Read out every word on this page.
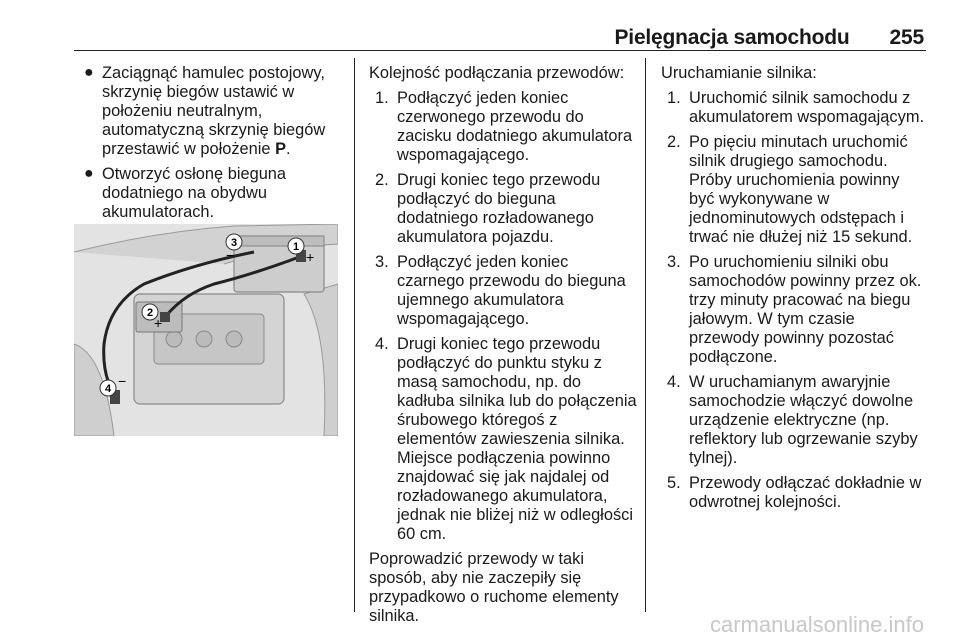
Pielęgnacja samochodu 255
● Zaciągnąć hamulec postojowy, skrzynię biegów ustawić w położeniu neutralnym, automatyczną skrzynię biegów przestawić w położenie P.
● Otworzyć osłonę bieguna dodatniego na obydwu akumulatorach.
1
+
2
+
3
−
4 −

Kolejność podłączania przewodów:

1. Podłączyć jeden koniec czerwonego przewodu do zacisku dodatniego akumulatora wspomagającego.
2. Drugi koniec tego przewodu podłączyć do bieguna dodatniego rozładowanego akumulatora pojazdu.
3. Podłączyć jeden koniec czarnego przewodu do bieguna ujemnego akumulatora wspomagającego.
4. Drugi koniec tego przewodu podłączyć do punktu styku z masą samochodu, np. do kadłuba silnika lub do połączenia śrubowego któregoś z elementów zawieszenia silnika. Miejsce podłączenia powinno znajdować się jak najdalej od rozładowanego akumulatora, jednak nie bliżej niż w odległości 60 cm.

Poprowadzić przewody w taki sposób, aby nie zaczepiły się przypadkowo o ruchome elementy silnika.

Uruchamianie silnika:

1. Uruchomić silnik samochodu z akumulatorem wspomagającym.
2. Po pięciu minutach uruchomić silnik drugiego samochodu. Próby uruchomienia powinny być wykonywane w jednominutowych odstępach i trwać nie dłużej niż 15 sekund.
3. Po uruchomieniu silniki obu samochodów powinny przez ok. trzy minuty pracować na biegu jałowym. W tym czasie przewody powinny pozostać podłączone.
4. W uruchamianym awaryjnie samochodzie włączyć dowolne urządzenie elektryczne (np. reflektory lub ogrzewanie szyby tylnej).
5. Przewody odłączać dokładnie w odwrotnej kolejności.
carmanualsonline.info
